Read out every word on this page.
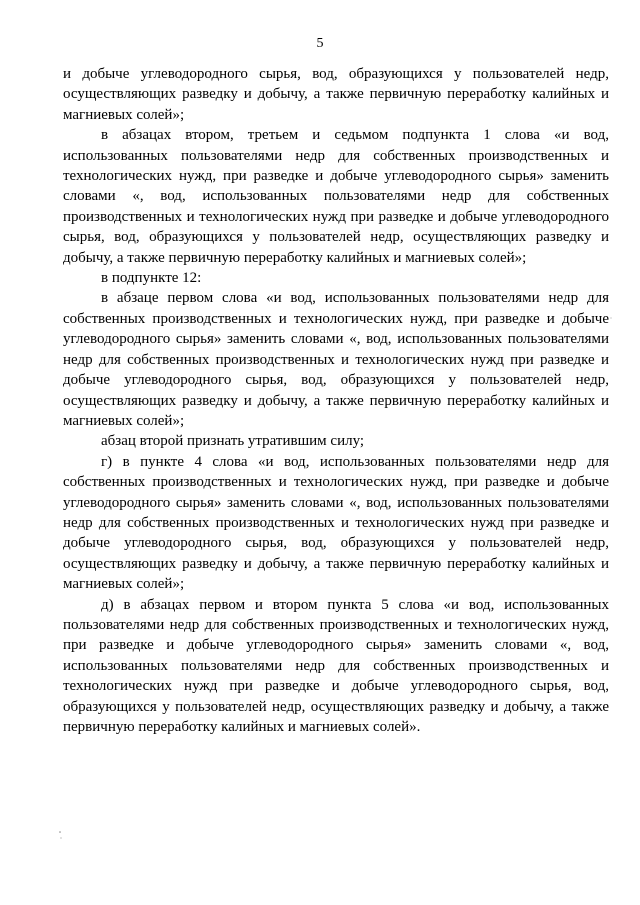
5

и добыче углеводородного сырья, вод, образующихся у пользователей недр, осуществляющих разведку и добычу, а также первичную переработку калийных и магниевых солей»;

в абзацах втором, третьем и седьмом подпункта 1 слова «и вод, использованных пользователями недр для собственных производственных и технологических нужд, при разведке и добыче углеводородного сырья» заменить словами «, вод, использованных пользователями недр для собственных производственных и технологических нужд при разведке и добыче углеводородного сырья, вод, образующихся у пользователей недр, осуществляющих разведку и добычу, а также первичную переработку калийных и магниевых солей»;

в подпункте 12:

в абзаце первом слова «и вод, использованных пользователями недр для собственных производственных и технологических нужд, при разведке и добыче углеводородного сырья» заменить словами «, вод, использованных пользователями недр для собственных производственных и технологических нужд при разведке и добыче углеводородного сырья, вод, образующихся у пользователей недр, осуществляющих разведку и добычу, а также первичную переработку калийных и магниевых солей»;

абзац второй признать утратившим силу;

г) в пункте 4 слова «и вод, использованных пользователями недр для собственных производственных и технологических нужд, при разведке и добыче углеводородного сырья» заменить словами «, вод, использованных пользователями недр для собственных производственных и технологических нужд при разведке и добыче углеводородного сырья, вод, образующихся у пользователей недр, осуществляющих разведку и добычу, а также первичную переработку калийных и магниевых солей»;

д) в абзацах первом и втором пункта 5 слова «и вод, использованных пользователями недр для собственных производственных и технологических нужд, при разведке и добыче углеводородного сырья» заменить словами «, вод, использованных пользователями недр для собственных производственных и технологических нужд при разведке и добыче углеводородного сырья, вод, образующихся у пользователей недр, осуществляющих разведку и добычу, а также первичную переработку калийных и магниевых солей».
